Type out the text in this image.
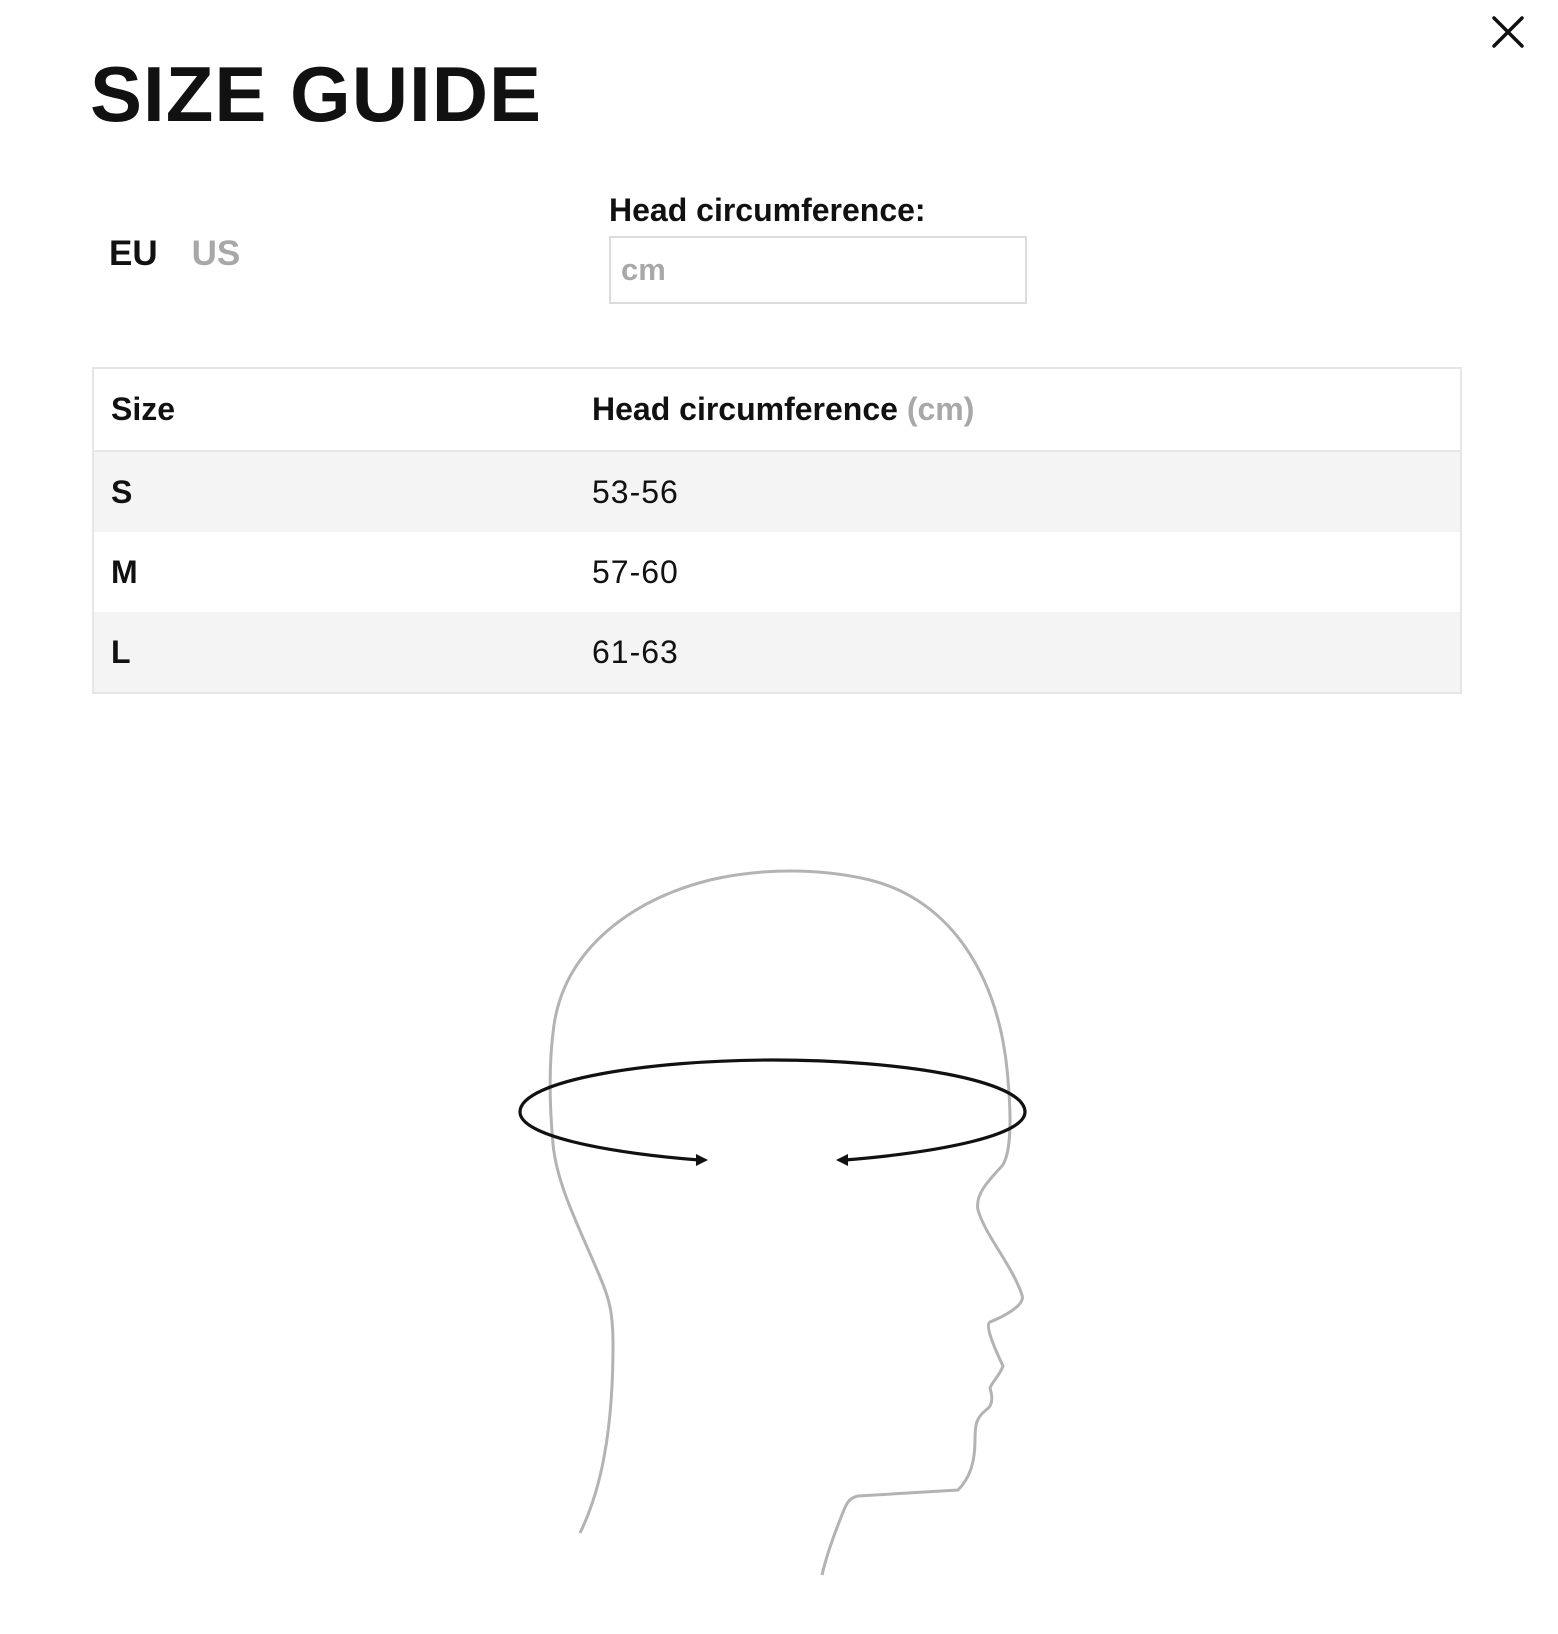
SIZE GUIDE
EU US
Head circumference:
cm
Size	Head circumference (cm)
S	53-56
M	57-60
L	61-63
